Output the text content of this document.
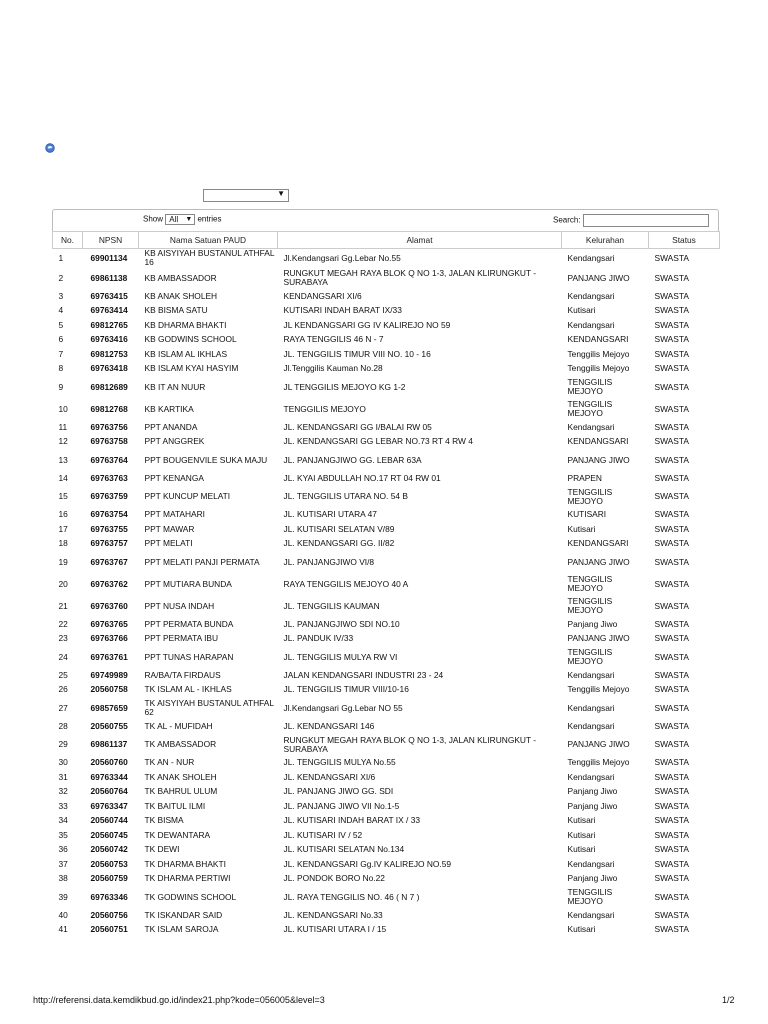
▼
Show All ▼ entries	Search:
No.	NPSN	Nama Satuan PAUD	Alamat	Kelurahan	Status
1	69901134	KB AISYIYAH BUSTANUL ATHFAL 16	Jl.Kendangsari Gg.Lebar No.55	Kendangsari	SWASTA
2	69861138	KB AMBASSADOR	RUNGKUT MEGAH RAYA BLOK Q NO 1-3, JALAN KLIRUNGKUT - SURABAYA	PANJANG JIWO	SWASTA
3	69763415	KB ANAK SHOLEH	KENDANGSARI XI/6	Kendangsari	SWASTA
4	69763414	KB BISMA SATU	KUTISARI INDAH BARAT IX/33	Kutisari	SWASTA
5	69812765	KB DHARMA BHAKTI	JL KENDANGSARI GG IV KALIREJO NO 59	Kendangsari	SWASTA
6	69763416	KB GODWINS SCHOOL	RAYA TENGGILIS 46 N - 7	KENDANGSARI	SWASTA
7	69812753	KB ISLAM AL IKHLAS	JL. TENGGILIS TIMUR VIII NO. 10 - 16	Tenggilis Mejoyo	SWASTA
8	69763418	KB ISLAM KYAI HASYIM	Jl.Tenggilis Kauman No.28	Tenggilis Mejoyo	SWASTA
9	69812689	KB IT AN NUUR	JL TENGGILIS MEJOYO KG 1-2	TENGGILIS MEJOYO	SWASTA
10	69812768	KB KARTIKA	TENGGILIS MEJOYO	TENGGILIS MEJOYO	SWASTA
11	69763756	PPT ANANDA	JL. KENDANGSARI GG I/BALAI RW 05	Kendangsari	SWASTA
12	69763758	PPT ANGGREK	JL. KENDANGSARI GG LEBAR NO.73 RT 4 RW 4	KENDANGSARI	SWASTA
13	69763764	PPT BOUGENVILE SUKA MAJU	JL. PANJANGJIWO GG. LEBAR 63A	PANJANG JIWO	SWASTA
14	69763763	PPT KENANGA	JL. KYAI ABDULLAH NO.17 RT 04 RW 01	PRAPEN	SWASTA
15	69763759	PPT KUNCUP MELATI	JL. TENGGILIS UTARA NO. 54 B	TENGGILIS MEJOYO	SWASTA
16	69763754	PPT MATAHARI	JL. KUTISARI UTARA 47	KUTISARI	SWASTA
17	69763755	PPT MAWAR	JL. KUTISARI SELATAN V/89	Kutisari	SWASTA
18	69763757	PPT MELATI	JL. KENDANGSARI GG. II/82	KENDANGSARI	SWASTA
19	69763767	PPT MELATI PANJI PERMATA	JL. PANJANGJIWO VI/8	PANJANG JIWO	SWASTA
20	69763762	PPT MUTIARA BUNDA	RAYA TENGGILIS MEJOYO 40 A	TENGGILIS MEJOYO	SWASTA
21	69763760	PPT NUSA INDAH	JL. TENGGILIS KAUMAN	TENGGILIS MEJOYO	SWASTA
22	69763765	PPT PERMATA BUNDA	JL. PANJANGJIWO SDI NO.10	Panjang Jiwo	SWASTA
23	69763766	PPT PERMATA IBU	JL. PANDUK IV/33	PANJANG JIWO	SWASTA
24	69763761	PPT TUNAS HARAPAN	JL. TENGGILIS MULYA RW VI	TENGGILIS MEJOYO	SWASTA
25	69749989	RA/BA/TA FIRDAUS	JALAN KENDANGSARI INDUSTRI 23 - 24	Kendangsari	SWASTA
26	20560758	TK ISLAM AL - IKHLAS	JL. TENGGILIS TIMUR VIII/10-16	Tenggilis Mejoyo	SWASTA
27	69857659	TK AISYIYAH BUSTANUL ATHFAL 62	Jl.Kendangsari Gg.Lebar NO 55	Kendangsari	SWASTA
28	20560755	TK AL - MUFIDAH	JL. KENDANGSARI 146	Kendangsari	SWASTA
29	69861137	TK AMBASSADOR	RUNGKUT MEGAH RAYA BLOK Q NO 1-3, JALAN KLIRUNGKUT - SURABAYA	PANJANG JIWO	SWASTA
30	20560760	TK AN - NUR	JL. TENGGILIS MULYA No.55	Tenggilis Mejoyo	SWASTA
31	69763344	TK ANAK SHOLEH	JL. KENDANGSARI XI/6	Kendangsari	SWASTA
32	20560764	TK BAHRUL ULUM	JL. PANJANG JIWO GG. SDI	Panjang Jiwo	SWASTA
33	69763347	TK BAITUL ILMI	JL. PANJANG JIWO VII No.1-5	Panjang Jiwo	SWASTA
34	20560744	TK BISMA	JL. KUTISARI INDAH BARAT IX / 33	Kutisari	SWASTA
35	20560745	TK DEWANTARA	JL. KUTISARI IV / 52	Kutisari	SWASTA
36	20560742	TK DEWI	JL. KUTISARI SELATAN No.134	Kutisari	SWASTA
37	20560753	TK DHARMA BHAKTI	JL. KENDANGSARI Gg.IV KALIREJO NO.59	Kendangsari	SWASTA
38	20560759	TK DHARMA PERTIWI	JL. PONDOK BORO No.22	Panjang Jiwo	SWASTA
39	69763346	TK GODWINS SCHOOL	JL. RAYA TENGGILIS NO. 46 ( N 7 )	TENGGILIS MEJOYO	SWASTA
40	20560756	TK ISKANDAR SAID	JL. KENDANGSARI No.33	Kendangsari	SWASTA
41	20560751	TK ISLAM SAROJA	JL. KUTISARI UTARA I / 15	Kutisari	SWASTA
http://referensi.data.kemdikbud.go.id/index21.php?kode=056005&level=3	1/2
